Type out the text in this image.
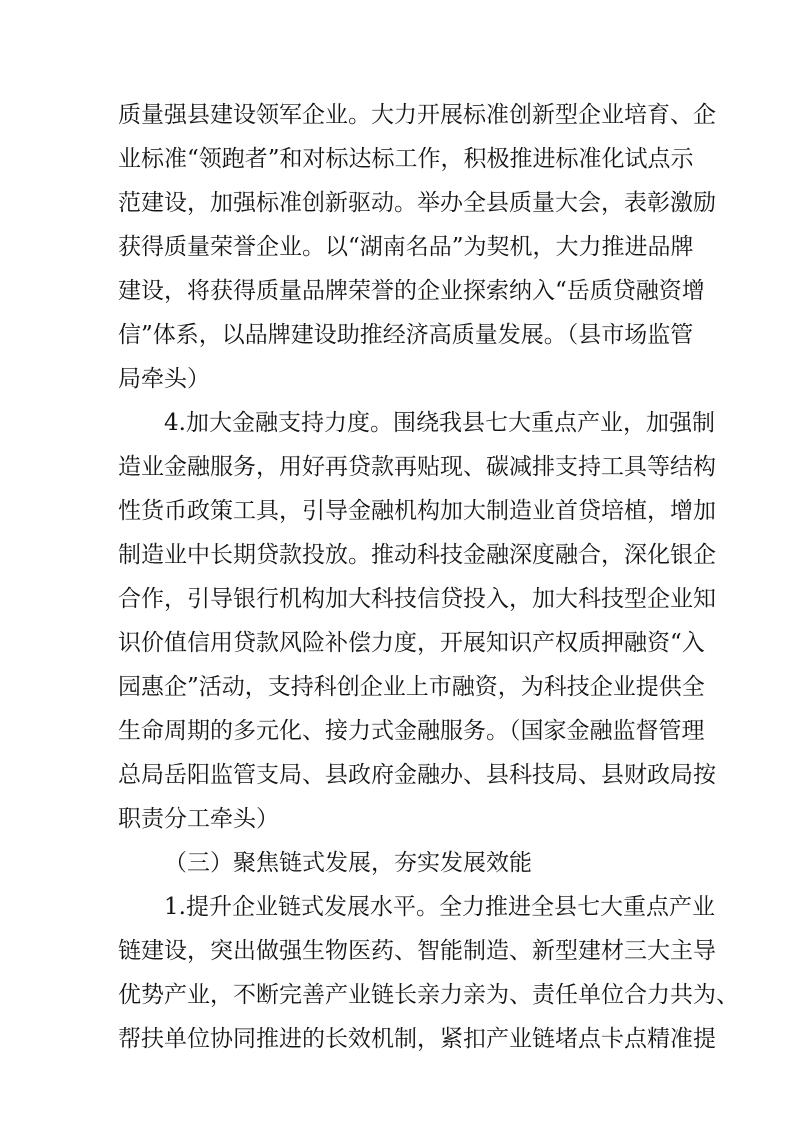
质量强县建设领军企业。大力开展标准创新型企业培育、企
业标准“领跑者”和对标达标工作，积极推进标准化试点示
范建设，加强标准创新驱动。举办全县质量大会，表彰激励
获得质量荣誉企业。以“湖南名品”为契机，大力推进品牌
建设，将获得质量品牌荣誉的企业探索纳入“岳质贷融资增
信”体系，以品牌建设助推经济高质量发展。（县市场监管
局牵头）
4.加大金融支持力度。围绕我县七大重点产业，加强制
造业金融服务，用好再贷款再贴现、碳减排支持工具等结构
性货币政策工具，引导金融机构加大制造业首贷培植，增加
制造业中长期贷款投放。推动科技金融深度融合，深化银企
合作，引导银行机构加大科技信贷投入，加大科技型企业知
识价值信用贷款风险补偿力度，开展知识产权质押融资“入
园惠企”活动，支持科创企业上市融资，为科技企业提供全
生命周期的多元化、接力式金融服务。（国家金融监督管理
总局岳阳监管支局、县政府金融办、县科技局、县财政局按
职责分工牵头）
（三）聚焦链式发展，夯实发展效能
1.提升企业链式发展水平。全力推进全县七大重点产业
链建设，突出做强生物医药、智能制造、新型建材三大主导
优势产业，不断完善产业链长亲力亲为、责任单位合力共为、
帮扶单位协同推进的长效机制，紧扣产业链堵点卡点精准提
